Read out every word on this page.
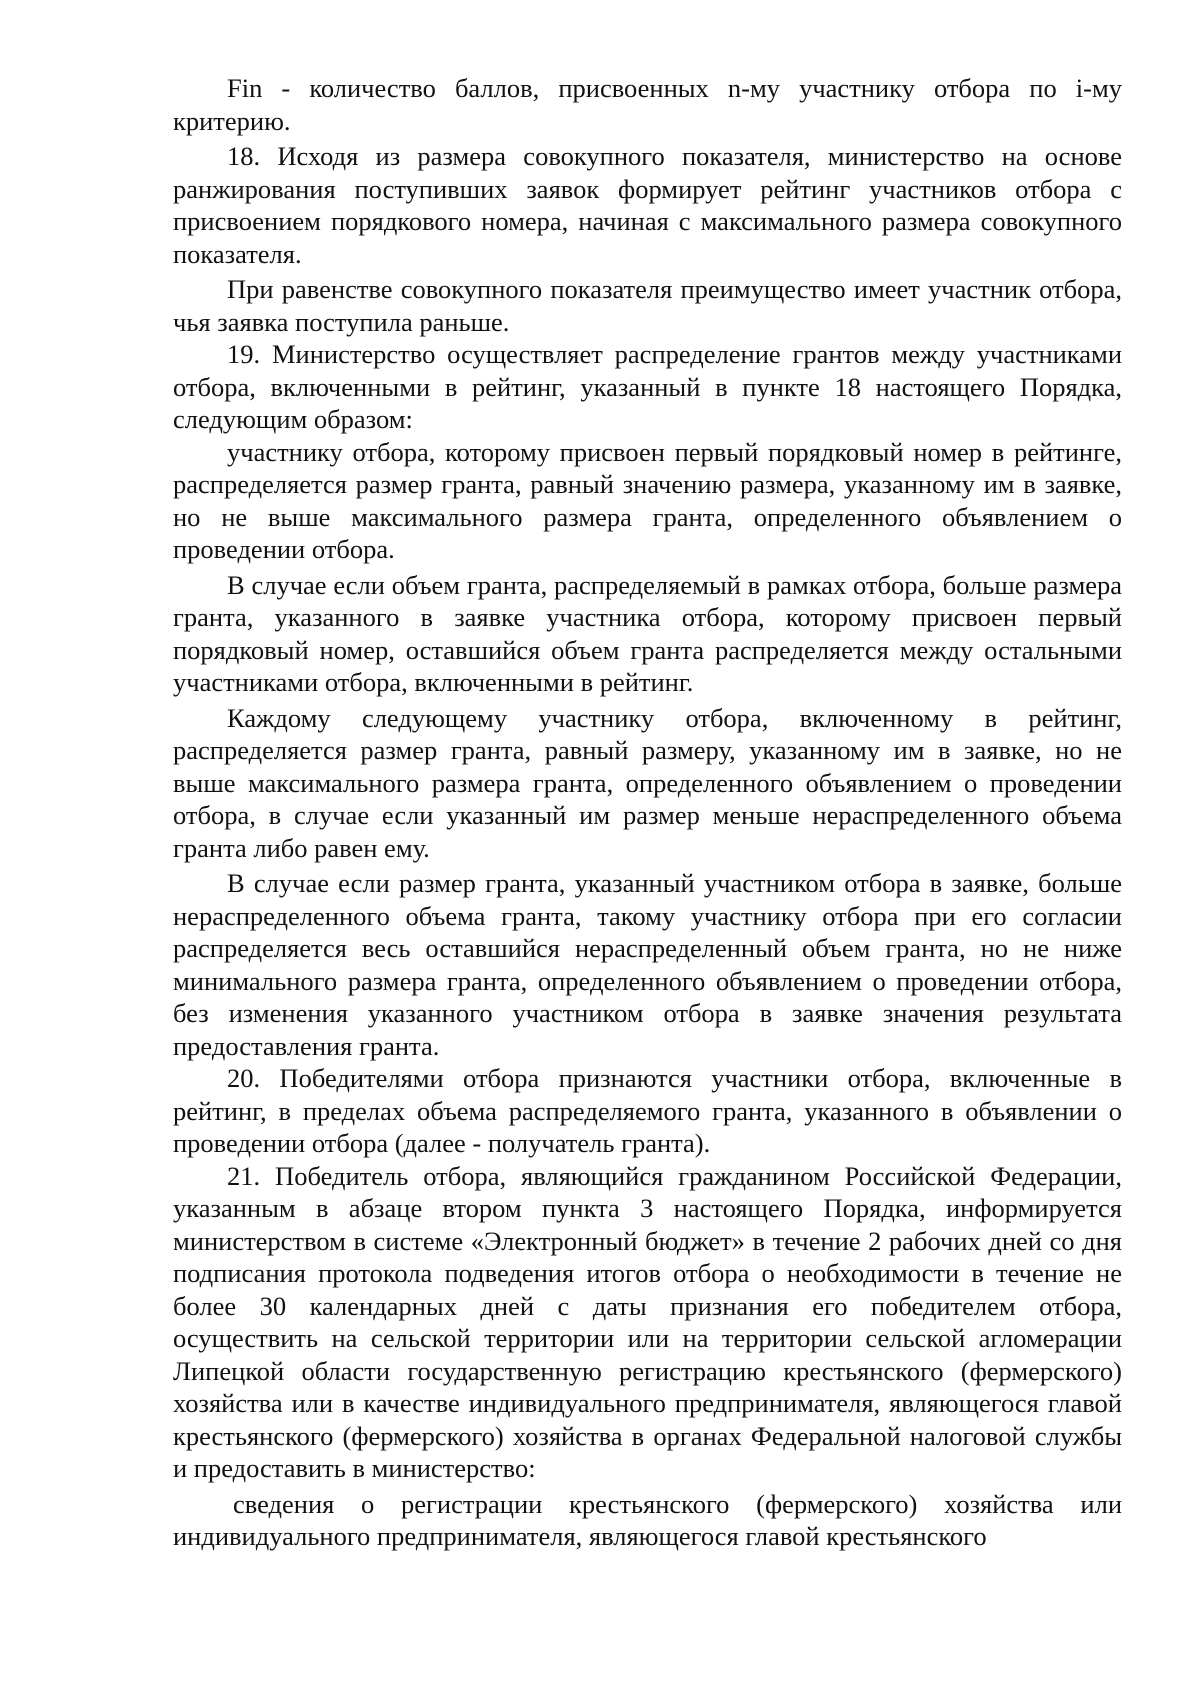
Fin - количество баллов, присвоенных n-му участнику отбора по i-му критерию.

18. Исходя из размера совокупного показателя, министерство на основе ранжирования поступивших заявок формирует рейтинг участников отбора с присвоением порядкового номера, начиная с максимального размера совокупного показателя.

При равенстве совокупного показателя преимущество имеет участник отбора, чья заявка поступила раньше.

19. Министерство осуществляет распределение грантов между участниками отбора, включенными в рейтинг, указанный в пункте 18 настоящего Порядка, следующим образом:

участнику отбора, которому присвоен первый порядковый номер в рейтинге, распределяется размер гранта, равный значению размера, указанному им в заявке, но не выше максимального размера гранта, определенного объявлением о проведении отбора.

В случае если объем гранта, распределяемый в рамках отбора, больше размера гранта, указанного в заявке участника отбора, которому присвоен первый порядковый номер, оставшийся объем гранта распределяется между остальными участниками отбора, включенными в рейтинг.

Каждому следующему участнику отбора, включенному в рейтинг, распределяется размер гранта, равный размеру, указанному им в заявке, но не выше максимального размера гранта, определенного объявлением о проведении отбора, в случае если указанный им размер меньше нераспределенного объема гранта либо равен ему.

В случае если размер гранта, указанный участником отбора в заявке, больше нераспределенного объема гранта, такому участнику отбора при его согласии распределяется весь оставшийся нераспределенный объем гранта, но не ниже минимального размера гранта, определенного объявлением о проведении отбора, без изменения указанного участником отбора в заявке значения результата предоставления гранта.

20. Победителями отбора признаются участники отбора, включенные в рейтинг, в пределах объема распределяемого гранта, указанного в объявлении о проведении отбора (далее - получатель гранта).

21. Победитель отбора, являющийся гражданином Российской Федерации, указанным в абзаце втором пункта 3 настоящего Порядка, информируется министерством в системе «Электронный бюджет» в течение 2 рабочих дней со дня подписания протокола подведения итогов отбора о необходимости в течение не более 30 календарных дней с даты признания его победителем отбора, осуществить на сельской территории или на территории сельской агломерации Липецкой области государственную регистрацию крестьянского (фермерского) хозяйства или в качестве индивидуального предпринимателя, являющегося главой крестьянского (фермерского) хозяйства в органах Федеральной налоговой службы и предоставить в министерство:

сведения о регистрации крестьянского (фермерского) хозяйства или индивидуального предпринимателя, являющегося главой крестьянского
